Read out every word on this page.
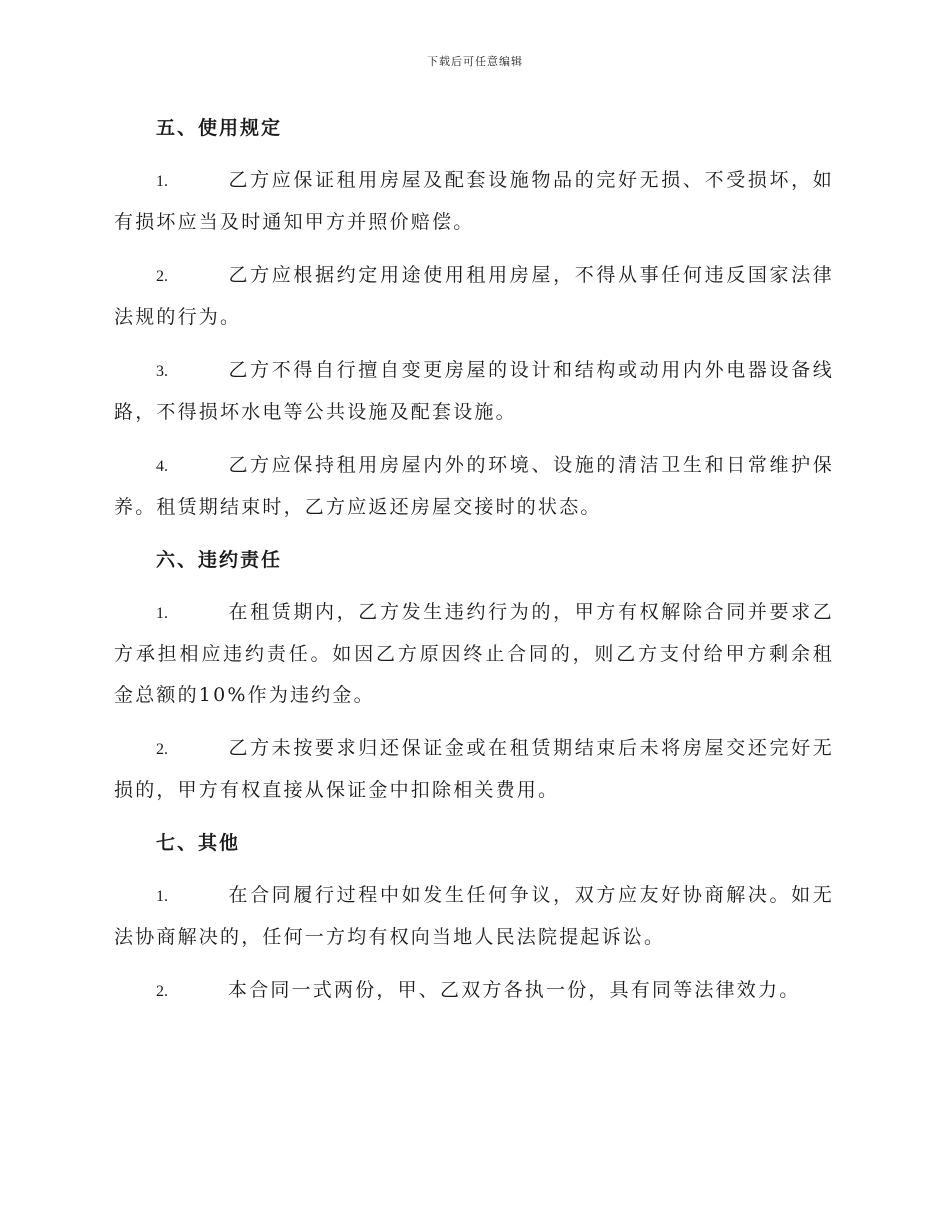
下载后可任意编辑
五、使用规定

1.	乙方应保证租用房屋及配套设施物品的完好无损、不受损坏，如有损坏应当及时通知甲方并照价赔偿。

2.	乙方应根据约定用途使用租用房屋，不得从事任何违反国家法律法规的行为。

3.	乙方不得自行擅自变更房屋的设计和结构或动用内外电器设备线路，不得损坏水电等公共设施及配套设施。

4.	乙方应保持租用房屋内外的环境、设施的清洁卫生和日常维护保养。租赁期结束时，乙方应返还房屋交接时的状态。

六、违约责任

1.	在租赁期内，乙方发生违约行为的，甲方有权解除合同并要求乙方承担相应违约责任。如因乙方原因终止合同的，则乙方支付给甲方剩余租金总额的10%作为违约金。

2.	乙方未按要求归还保证金或在租赁期结束后未将房屋交还完好无损的，甲方有权直接从保证金中扣除相关费用。

七、其他

1.	在合同履行过程中如发生任何争议，双方应友好协商解决。如无法协商解决的，任何一方均有权向当地人民法院提起诉讼。

2.	本合同一式两份，甲、乙双方各执一份，具有同等法律效力。
